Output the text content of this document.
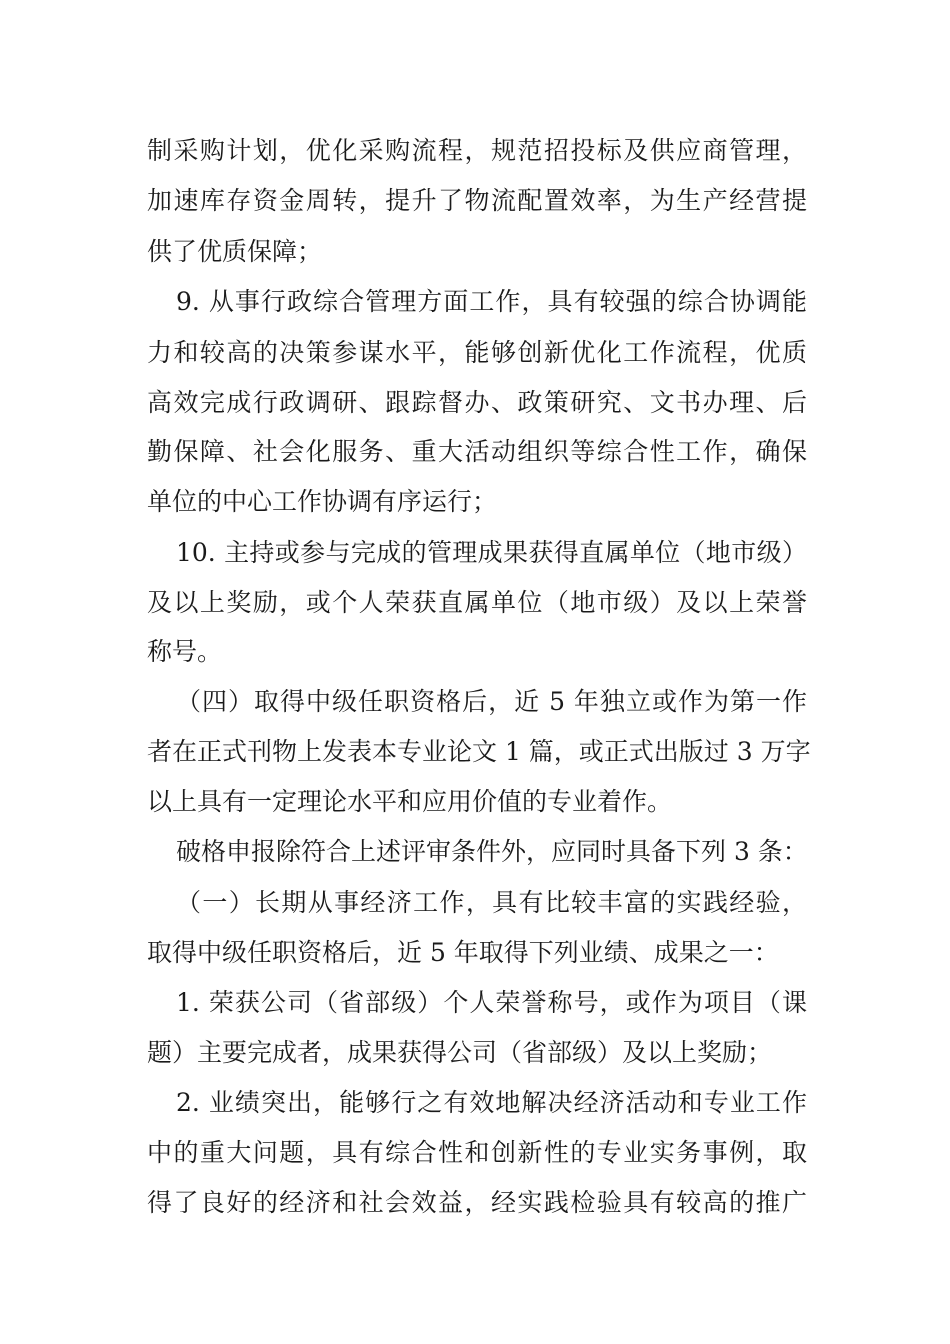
制采购计划，优化采购流程，规范招投标及供应商管理，
加速库存资金周转，提升了物流配置效率，为生产经营提
供了优质保障；
9. 从事行政综合管理方面工作，具有较强的综合协调能
力和较高的决策参谋水平，能够创新优化工作流程，优质
高效完成行政调研、跟踪督办、政策研究、文书办理、后
勤保障、社会化服务、重大活动组织等综合性工作，确保
单位的中心工作协调有序运行；
10. 主持或参与完成的管理成果获得直属单位（地市级）
及以上奖励，或个人荣获直属单位（地市级）及以上荣誉
称号。
（四）取得中级任职资格后，近 5 年独立或作为第一作
者在正式刊物上发表本专业论文 1 篇，或正式出版过 3 万字
以上具有一定理论水平和应用价值的专业着作。
破格申报除符合上述评审条件外，应同时具备下列 3 条：
（一）长期从事经济工作，具有比较丰富的实践经验，
取得中级任职资格后，近 5 年取得下列业绩、成果之一：
1. 荣获公司（省部级）个人荣誉称号，或作为项目（课
题）主要完成者，成果获得公司（省部级）及以上奖励；
2. 业绩突出，能够行之有效地解决经济活动和专业工作
中的重大问题，具有综合性和创新性的专业实务事例，取
得了良好的经济和社会效益，经实践检验具有较高的推广
